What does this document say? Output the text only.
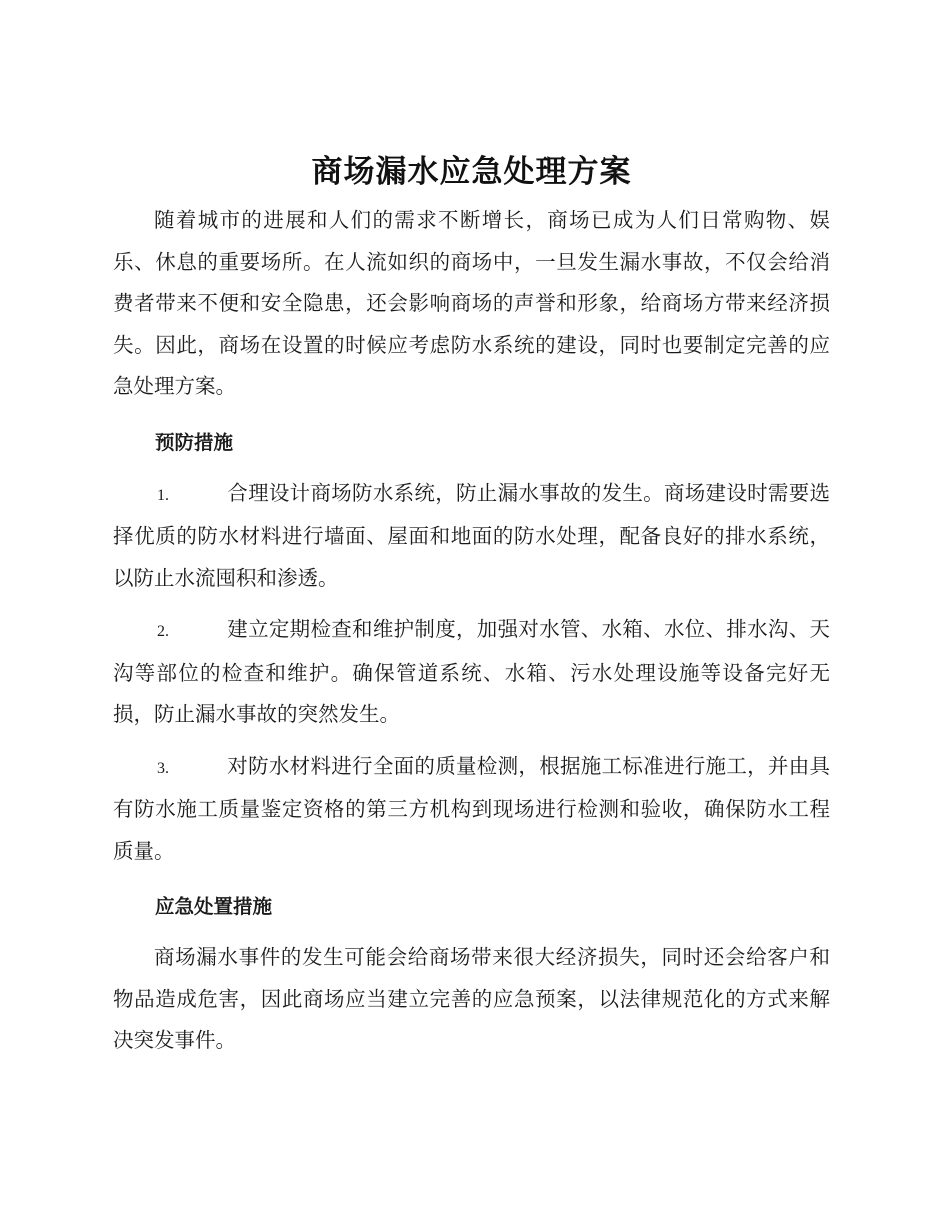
商场漏水应急处理方案

随着城市的进展和人们的需求不断增长，商场已成为人们日常购物、娱乐、休息的重要场所。在人流如织的商场中，一旦发生漏水事故，不仅会给消费者带来不便和安全隐患，还会影响商场的声誉和形象，给商场方带来经济损失。因此，商场在设置的时候应考虑防水系统的建设，同时也要制定完善的应急处理方案。

预防措施

1.	合理设计商场防水系统，防止漏水事故的发生。商场建设时需要选择优质的防水材料进行墙面、屋面和地面的防水处理，配备良好的排水系统，以防止水流囤积和渗透。

2.	建立定期检查和维护制度，加强对水管、水箱、水位、排水沟、天沟等部位的检查和维护。确保管道系统、水箱、污水处理设施等设备完好无损，防止漏水事故的突然发生。

3.	对防水材料进行全面的质量检测，根据施工标准进行施工，并由具有防水施工质量鉴定资格的第三方机构到现场进行检测和验收，确保防水工程质量。

应急处置措施

商场漏水事件的发生可能会给商场带来很大经济损失，同时还会给客户和物品造成危害，因此商场应当建立完善的应急预案，以法律规范化的方式来解决突发事件。
